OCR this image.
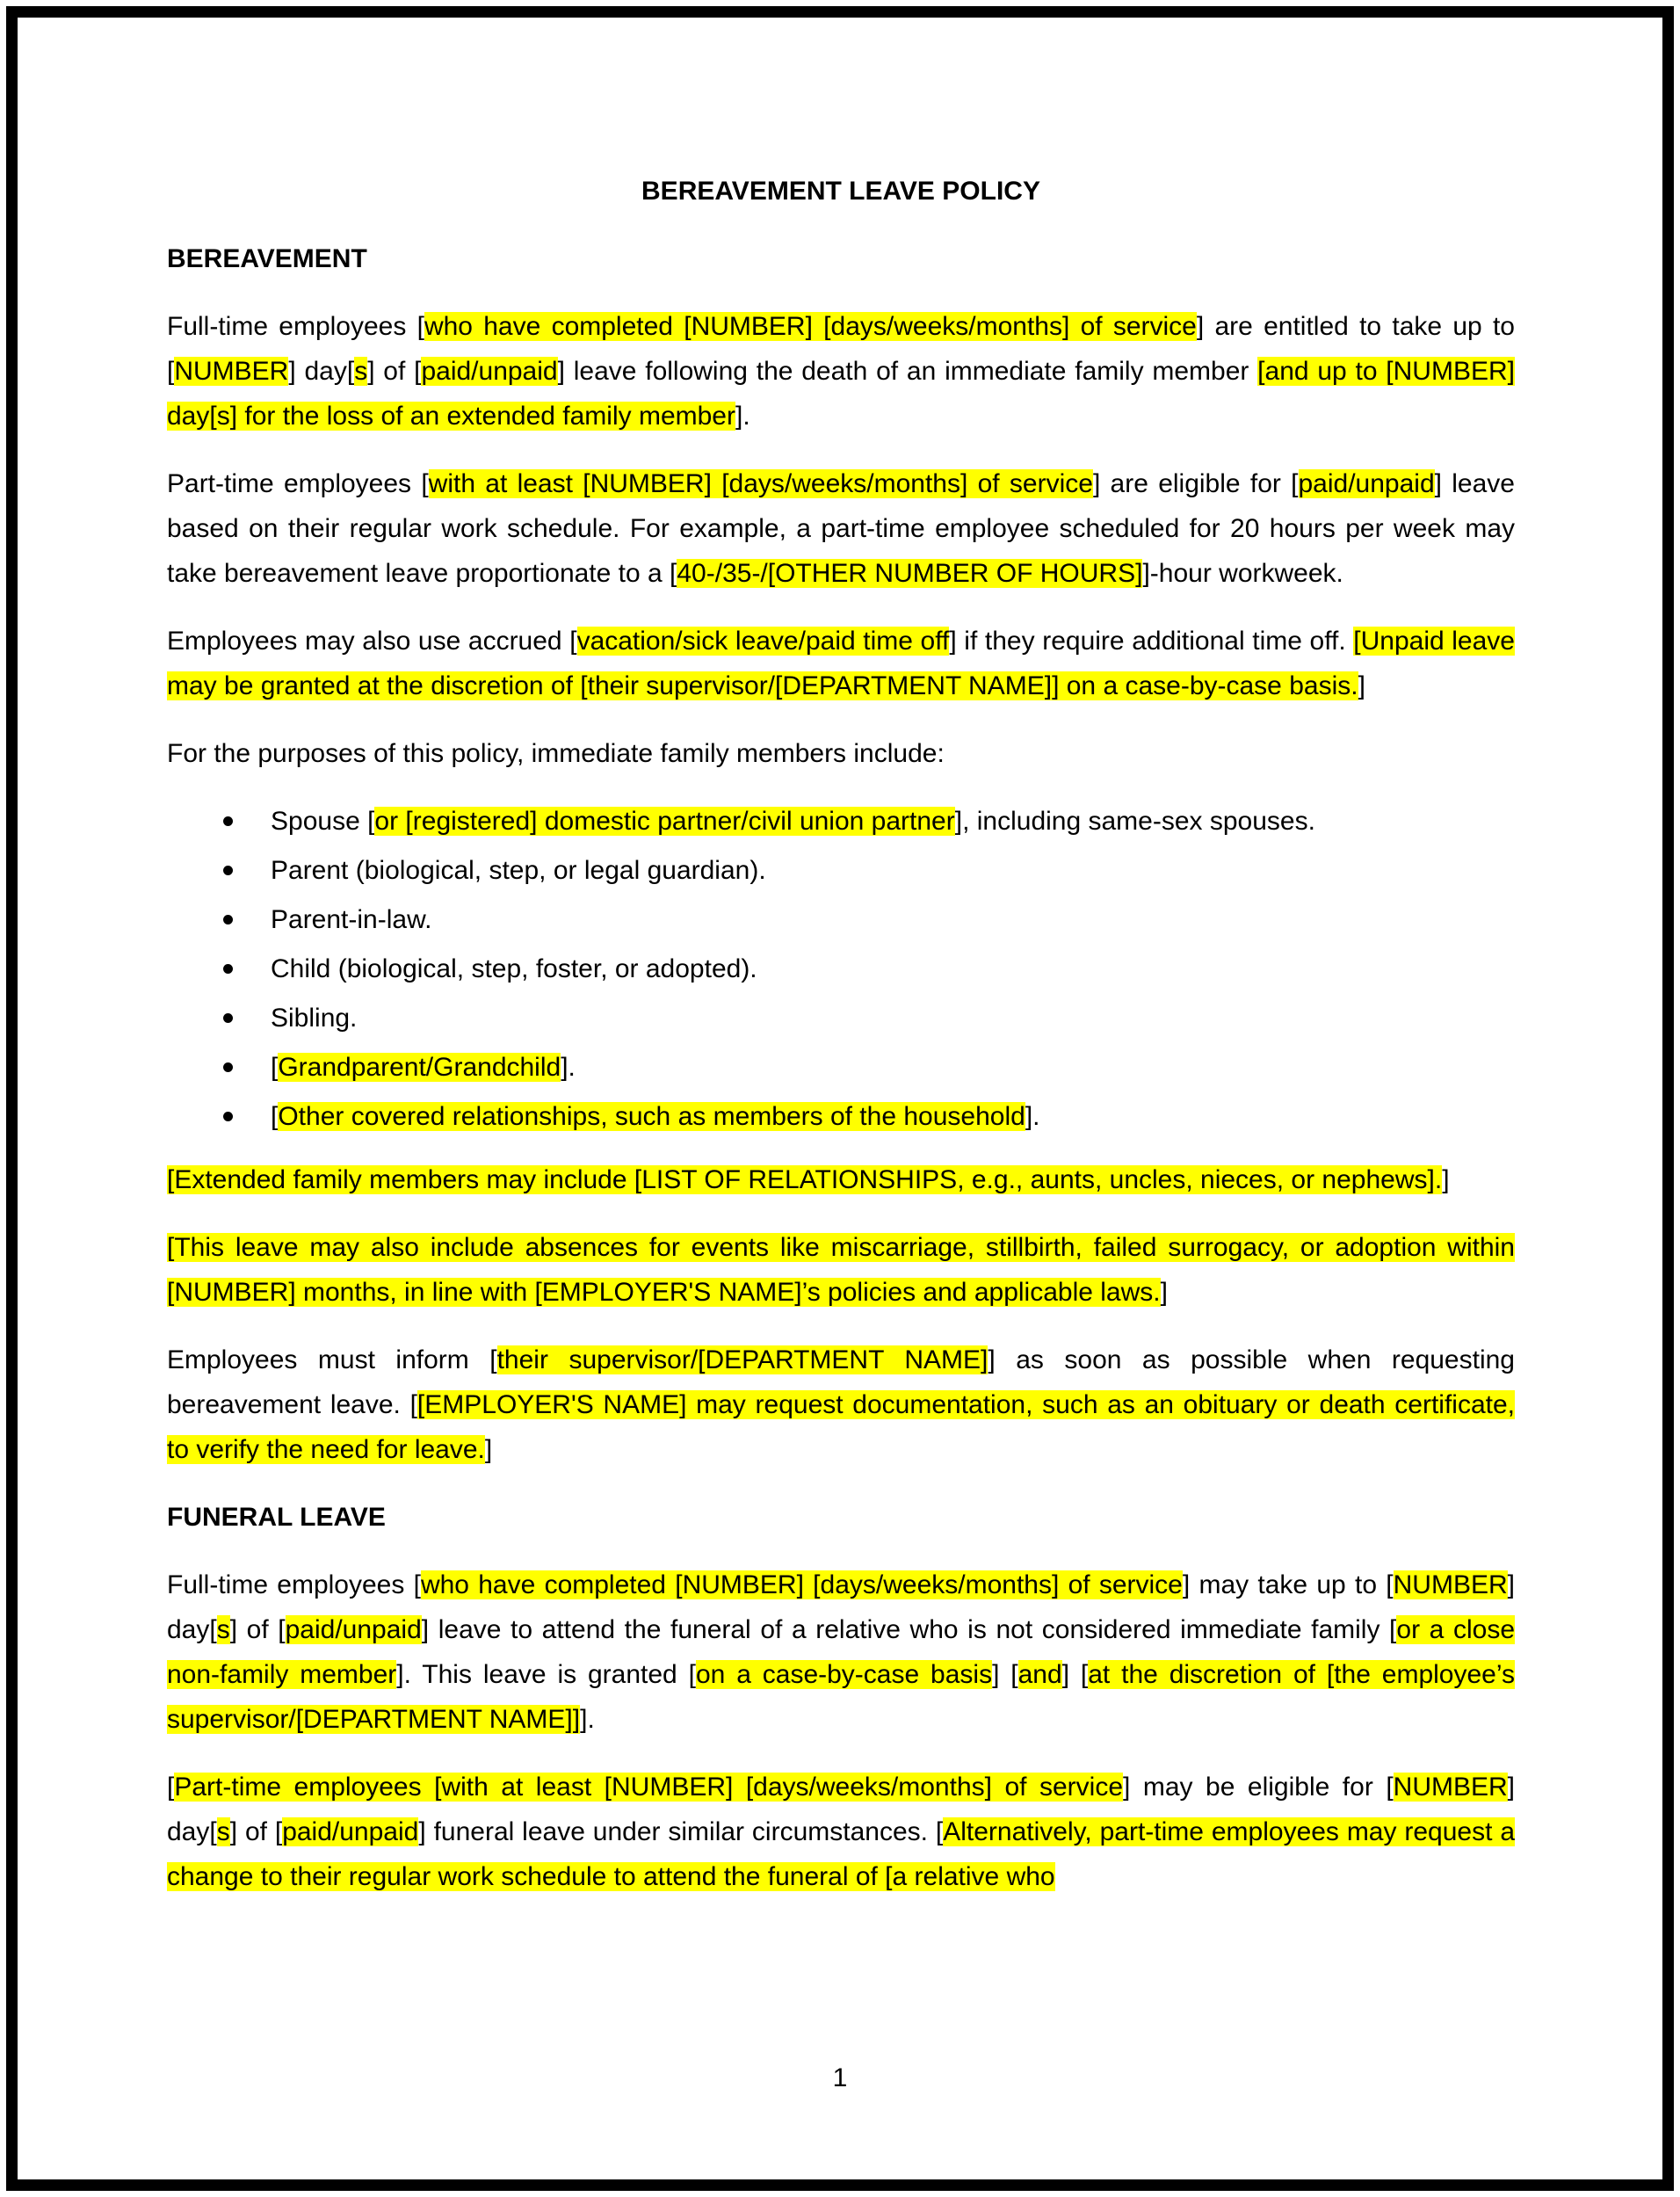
BEREAVEMENT LEAVE POLICY

BEREAVEMENT

Full-time employees [who have completed [NUMBER] [days/weeks/months] of service] are entitled to take up to [NUMBER] day[s] of [paid/unpaid] leave following the death of an immediate family member [and up to [NUMBER] day[s] for the loss of an extended family member].

Part-time employees [with at least [NUMBER] [days/weeks/months] of service] are eligible for [paid/unpaid] leave based on their regular work schedule. For example, a part-time employee scheduled for 20 hours per week may take bereavement leave proportionate to a [40-/35-/[OTHER NUMBER OF HOURS]]-hour workweek.

Employees may also use accrued [vacation/sick leave/paid time off] if they require additional time off. [Unpaid leave may be granted at the discretion of [their supervisor/[DEPARTMENT NAME]] on a case-by-case basis.]

For the purposes of this policy, immediate family members include:

Spouse [or [registered] domestic partner/civil union partner], including same-sex spouses.
Parent (biological, step, or legal guardian).
Parent-in-law.
Child (biological, step, foster, or adopted).
Sibling.
[Grandparent/Grandchild].
[Other covered relationships, such as members of the household].

[Extended family members may include [LIST OF RELATIONSHIPS, e.g., aunts, uncles, nieces, or nephews].]

[This leave may also include absences for events like miscarriage, stillbirth, failed surrogacy, or adoption within [NUMBER] months, in line with [EMPLOYER'S NAME]’s policies and applicable laws.]

Employees must inform [their supervisor/[DEPARTMENT NAME]] as soon as possible when requesting bereavement leave. [[EMPLOYER'S NAME] may request documentation, such as an obituary or death certificate, to verify the need for leave.]

FUNERAL LEAVE

Full-time employees [who have completed [NUMBER] [days/weeks/months] of service] may take up to [NUMBER] day[s] of [paid/unpaid] leave to attend the funeral of a relative who is not considered immediate family [or a close non-family member]. This leave is granted [on a case-by-case basis] [and] [at the discretion of [the employee’s supervisor/[DEPARTMENT NAME]]].

[Part-time employees [with at least [NUMBER] [days/weeks/months] of service] may be eligible for [NUMBER] day[s] of [paid/unpaid] funeral leave under similar circumstances. [Alternatively, part-time employees may request a change to their regular work schedule to attend the funeral of [a relative who

1
